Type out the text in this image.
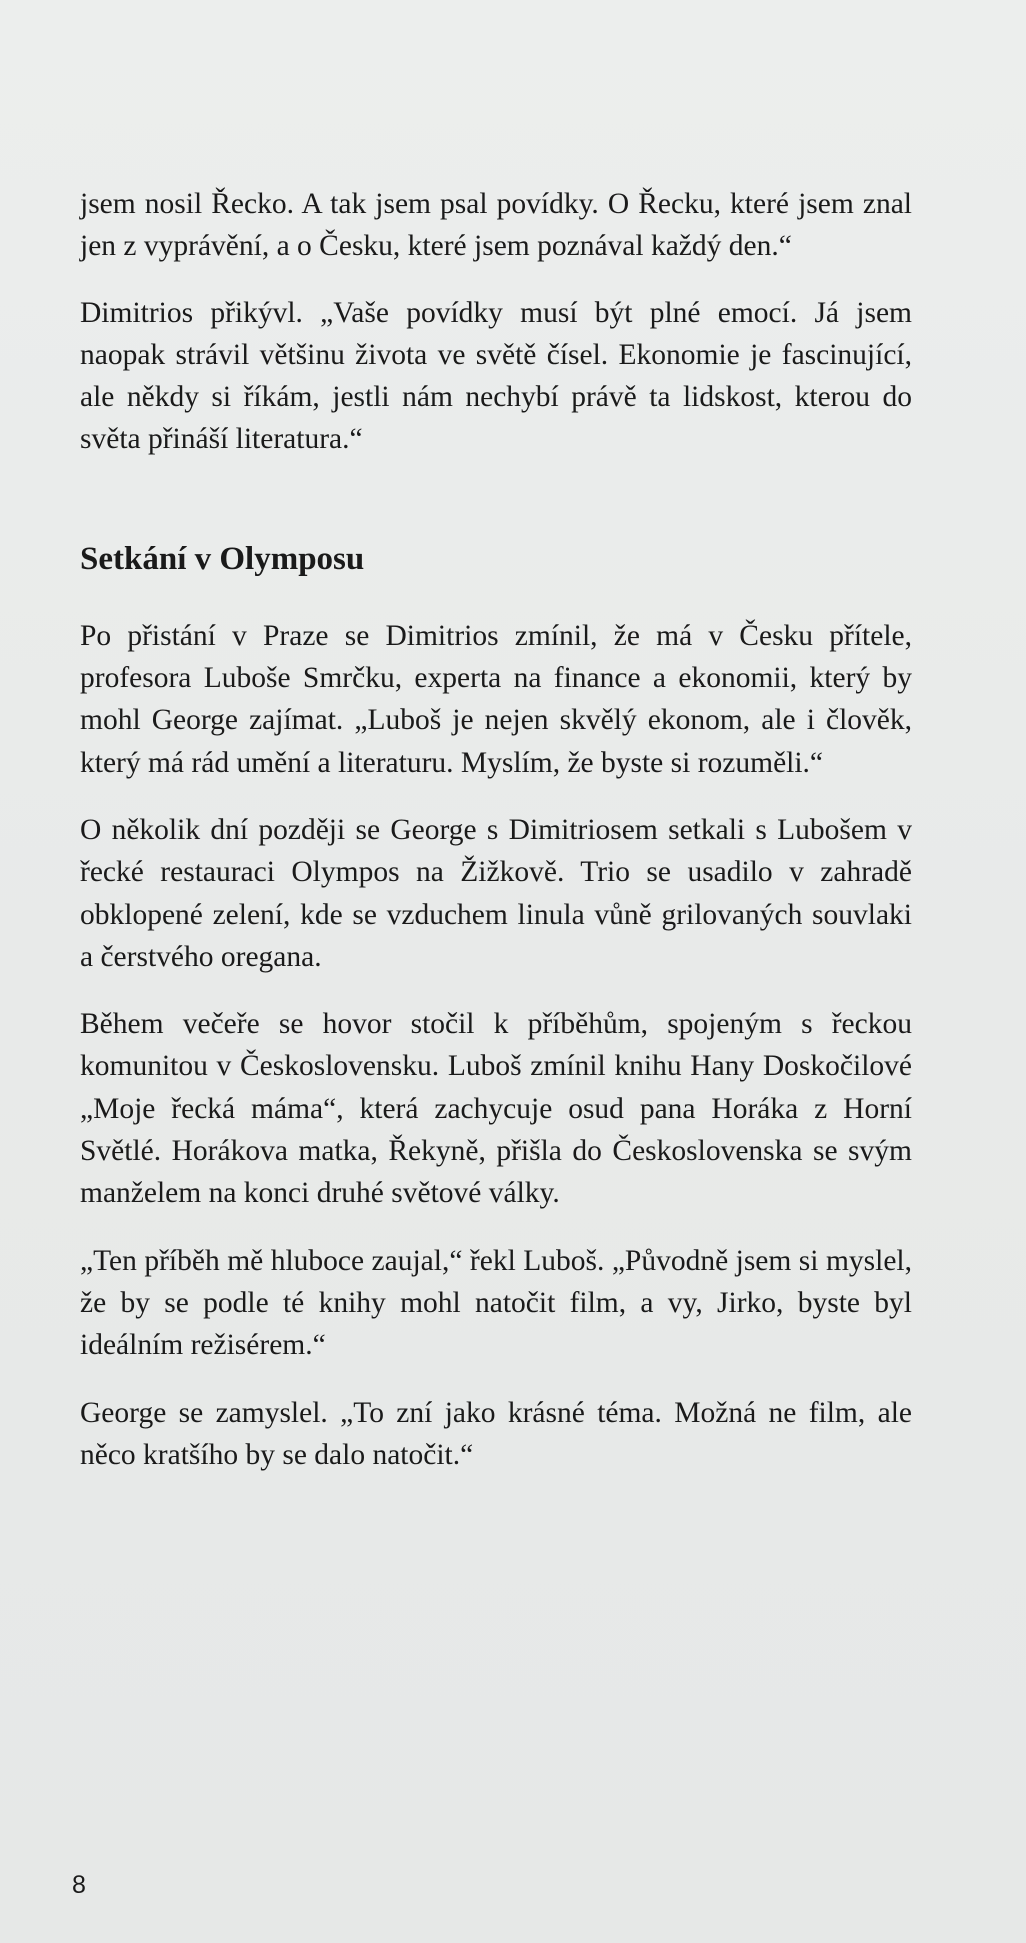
jsem nosil Řecko. A tak jsem psal povídky. O Řecku, které jsem znal jen z vyprávění, a o Česku, které jsem poznával každý den.“

Dimitrios přikývl. „Vaše povídky musí být plné emocí. Já jsem naopak strávil většinu života ve světě čísel. Ekonomie je fascinující, ale někdy si říkám, jestli nám nechybí právě ta lidskost, kterou do světa přináší literatura.“

Setkání v Olymposu

Po přistání v Praze se Dimitrios zmínil, že má v Česku přítele, profesora Luboše Smrčku, experta na finance a ekonomii, který by mohl George zajímat. „Luboš je nejen skvělý ekonom, ale i člověk, který má rád umění a literaturu. Myslím, že byste si rozuměli.“

O několik dní později se George s Dimitriosem setkali s Lubošem v řecké restauraci Olympos na Žižkově. Trio se usadilo v zahradě obklopené zelení, kde se vzduchem linula vůně grilovaných souvlaki a čerstvého oregana.

Během večeře se hovor stočil k příběhům, spojeným s řeckou komunitou v Československu. Luboš zmínil knihu Hany Doskočilové „Moje řecká máma“, která zachycuje osud pana Horáka z Horní Světlé. Horákova matka, Řekyně, přišla do Československa se svým manželem na konci druhé světové války.

„Ten příběh mě hluboce zaujal,“ řekl Luboš. „Původně jsem si myslel, že by se podle té knihy mohl natočit film, a vy, Jirko, byste byl ideálním režisérem.“

George se zamyslel. „To zní jako krásné téma. Možná ne film, ale něco kratšího by se dalo natočit.“

8
